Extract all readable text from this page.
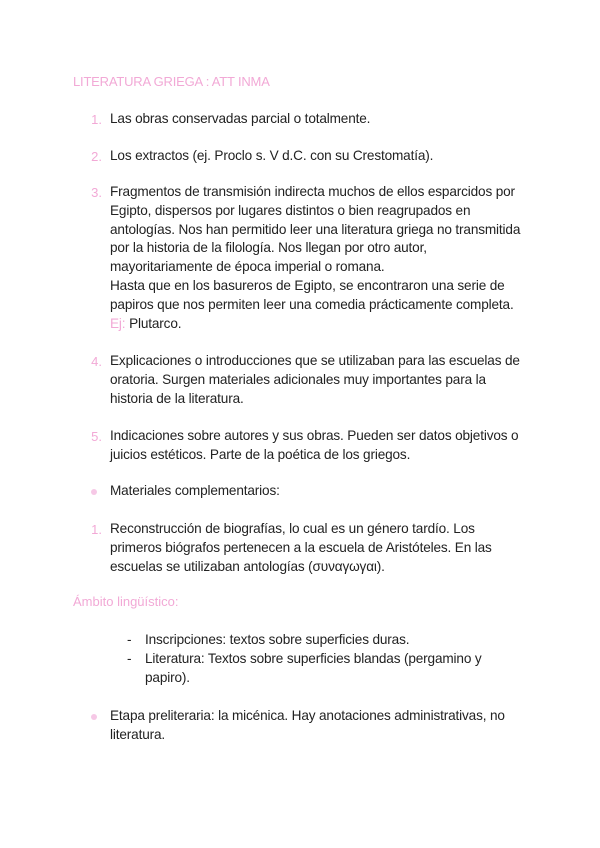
LITERATURA GRIEGA : ATT INMA
1. Las obras conservadas parcial o totalmente.
2. Los extractos (ej. Proclo s. V d.C. con su Crestomatía).
3. Fragmentos de transmisión indirecta muchos de ellos esparcidos por Egipto, dispersos por lugares distintos o bien reagrupados en antologías. Nos han permitido leer una literatura griega no transmitida por la historia de la filología. Nos llegan por otro autor, mayoritariamente de época imperial o romana.
Hasta que en los basureros de Egipto, se encontraron una serie de papiros que nos permiten leer una comedia prácticamente completa. Ej: Plutarco.
4. Explicaciones o introducciones que se utilizaban para las escuelas de oratoria. Surgen materiales adicionales muy importantes para la historia de la literatura.
5. Indicaciones sobre autores y sus obras. Pueden ser datos objetivos o juicios estéticos. Parte de la poética de los griegos.
Materiales complementarios:
1. Reconstrucción de biografías, lo cual es un género tardío. Los primeros biógrafos pertenecen a la escuela de Aristóteles. En las escuelas se utilizaban antologías (συναγωγαι).
Ámbito lingüístico:
- Inscripciones: textos sobre superficies duras.
- Literatura: Textos sobre superficies blandas (pergamino y papiro).
Etapa preliteraria: la micénica. Hay anotaciones administrativas, no literatura.
